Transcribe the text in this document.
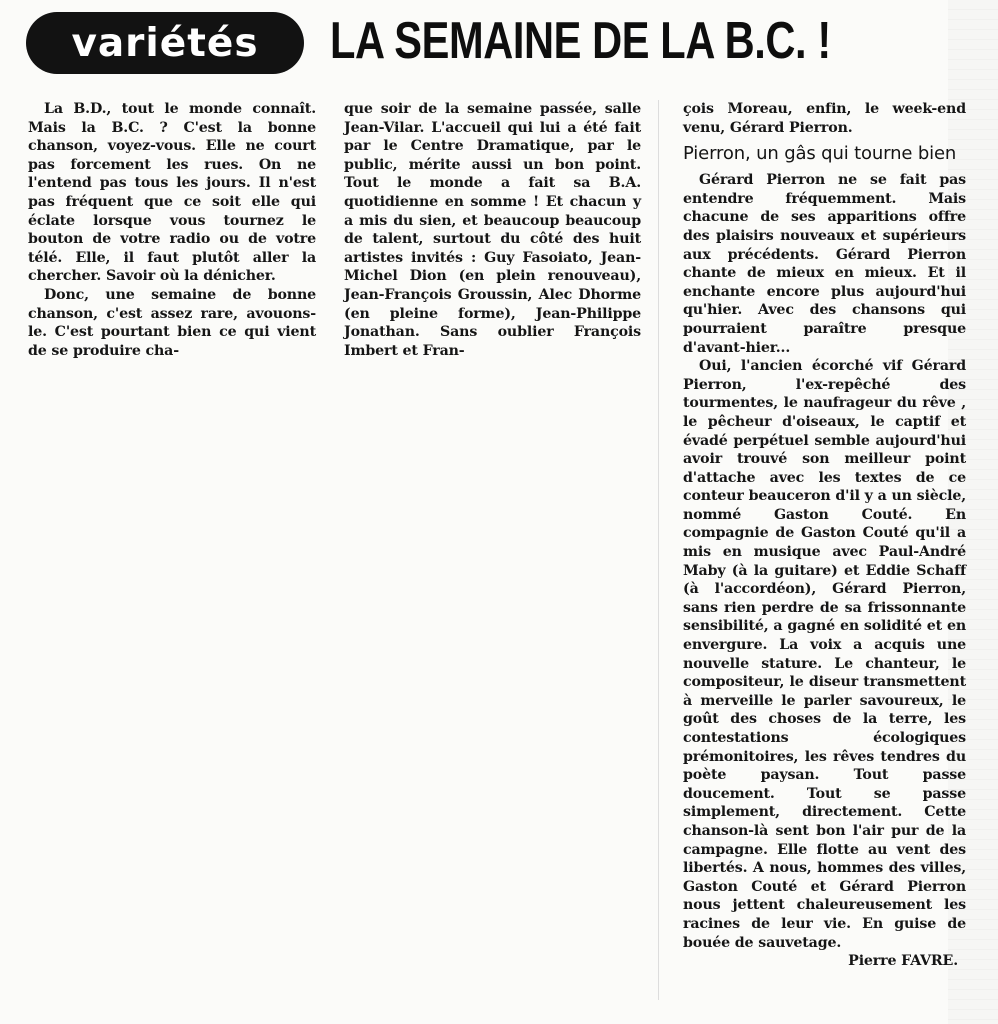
variétés	LA SEMAINE DE LA B.C. !

La B.D., tout le monde connaît. Mais la B.C. ? C'est la bonne chanson, voyez-vous. Elle ne court pas forcement les rues. On ne l'entend pas tous les jours. Il n'est pas fréquent que ce soit elle qui éclate lorsque vous tournez le bouton de votre radio ou de votre télé. Elle, il faut plutôt aller la chercher. Savoir où la dénicher.

Donc, une semaine de bonne chanson, c'est assez rare, avouons-le. C'est pourtant bien ce qui vient de se produire cha-

que soir de la semaine passée, salle Jean-Vilar. L'accueil qui lui a été fait par le Centre Dramatique, par le public, mérite aussi un bon point. Tout le monde a fait sa B.A. quotidienne en somme ! Et chacun y a mis du sien, et beaucoup beaucoup de talent, surtout du côté des huit artistes invités : Guy Fasoiato, Jean-Michel Dion (en plein renouveau), Jean-François Groussin, Alec Dhorme (en pleine forme), Jean-Philippe Jonathan. Sans oublier François Imbert et Fran-

çois Moreau, enfin, le week-end venu, Gérard Pierron.

Pierron, un gâs qui tourne bien

Gérard Pierron ne se fait pas entendre fréquemment. Mais chacune de ses apparitions offre des plaisirs nouveaux et supérieurs aux précédents. Gérard Pierron chante de mieux en mieux. Et il enchante encore plus aujourd'hui qu'hier. Avec des chansons qui pourraient paraître presque d'avant-hier...

Oui, l'ancien écorché vif Gérard Pierron, l'ex-repêché des tourmentes, le naufrageur du rêve , le pêcheur d'oiseaux, le captif et évadé perpétuel semble aujourd'hui avoir trouvé son meilleur point d'attache avec les textes de ce conteur beauceron d'il y a un siècle, nommé Gaston Couté. En compagnie de Gaston Couté qu'il a mis en musique avec Paul-André Maby (à la guitare) et Eddie Schaff (à l'accordéon), Gérard Pierron, sans rien perdre de sa frissonnante sensibilité, a gagné en solidité et en envergure. La voix a acquis une nouvelle stature. Le chanteur, le compositeur, le diseur transmettent à merveille le parler savoureux, le goût des choses de la terre, les contestations écologiques prémonitoires, les rêves tendres du poète paysan. Tout passe doucement. Tout se passe simplement, directement. Cette chanson-là sent bon l'air pur de la campagne. Elle flotte au vent des libertés. A nous, hommes des villes, Gaston Couté et Gérard Pierron nous jettent chaleureusement les racines de leur vie. En guise de bouée de sauvetage.

Pierre FAVRE.
